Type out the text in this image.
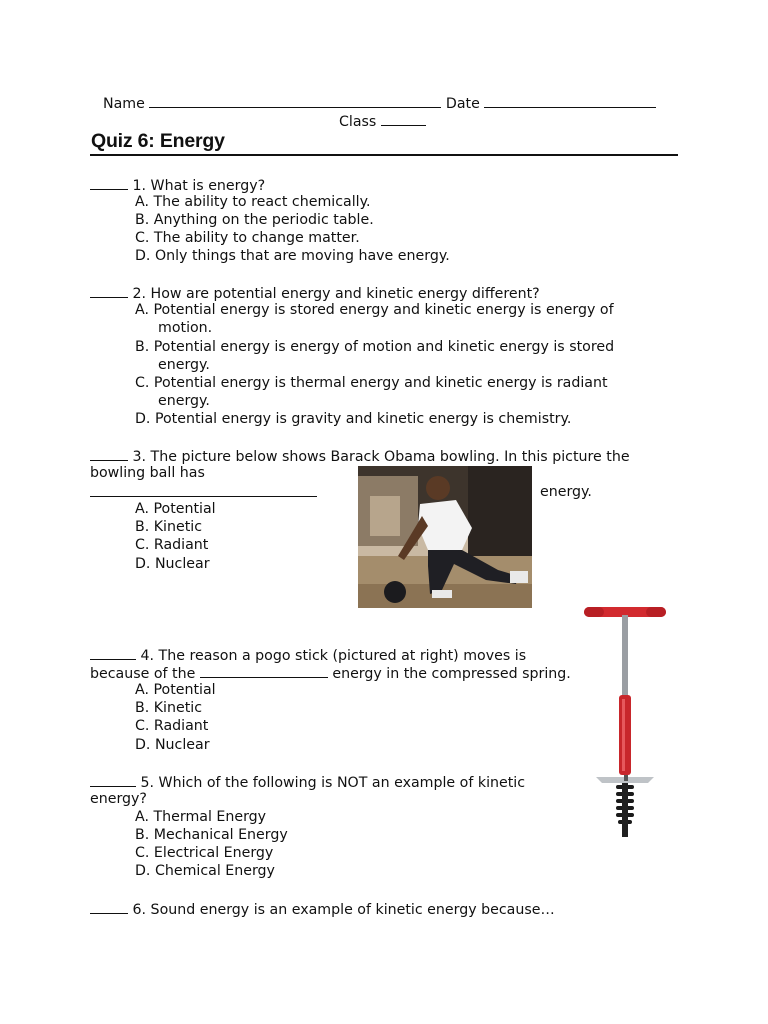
Name	Date
Class
Quiz 6: Energy
1. What is energy?
A. The ability to react chemically.
B. Anything on the periodic table.
C. The ability to change matter.
D. Only things that are moving have energy.
2. How are potential energy and kinetic energy different?
A. Potential energy is stored energy and kinetic energy is energy of
motion.
B. Potential energy is energy of motion and kinetic energy is stored
energy.
C. Potential energy is thermal energy and kinetic energy is radiant
energy.
D. Potential energy is gravity and kinetic energy is chemistry.
3. The picture below shows Barack Obama bowling. In this picture the
bowling ball has
energy.
A. Potential
B. Kinetic
C. Radiant
D. Nuclear
4. The reason a pogo stick (pictured at right) moves is
because of the	energy in the compressed spring.
A. Potential
B. Kinetic
C. Radiant
D. Nuclear
5. Which of the following is NOT an example of kinetic
energy?
A. Thermal Energy
B. Mechanical Energy
C. Electrical Energy
D. Chemical Energy
6. Sound energy is an example of kinetic energy because…
